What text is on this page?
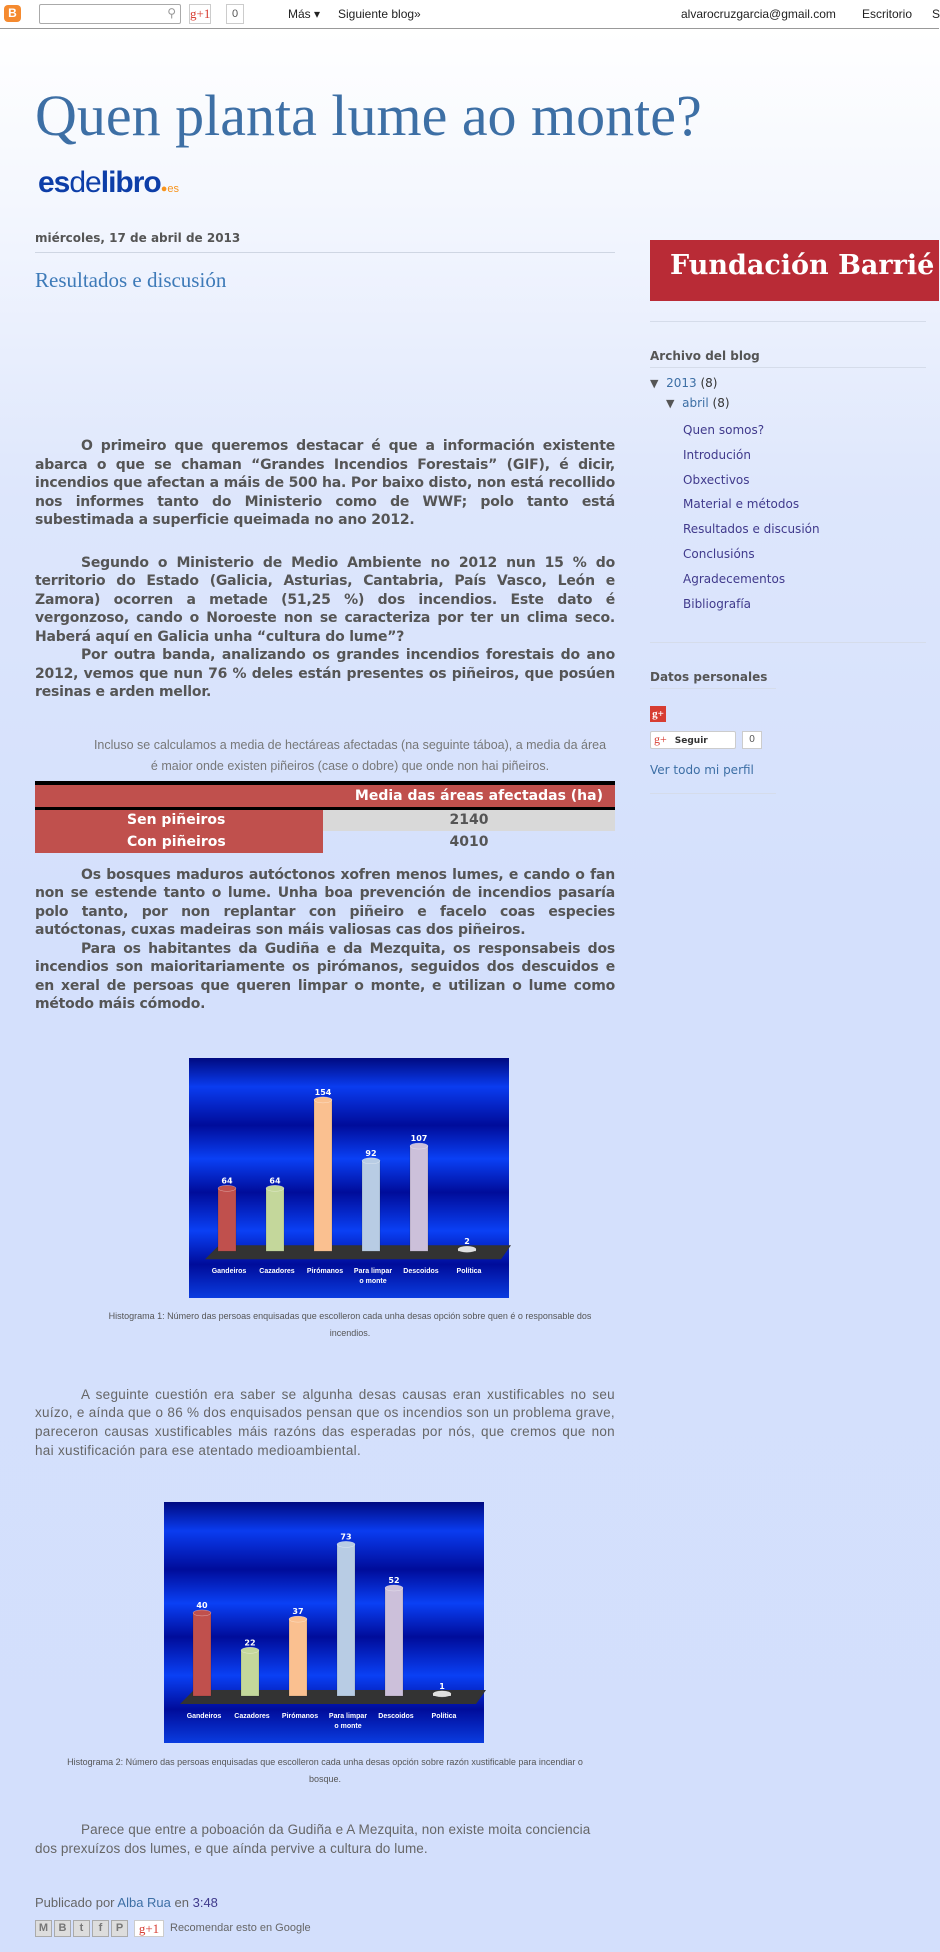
B	⚲ g+1	0	Más ▾ Siguiente blog»	alvarocruzgarcia@gmail.com Escritorio S
Quen planta lume ao monte?
esdelibro●es
miércoles, 17 de abril de 2013
Resultados e discusión

O primeiro que queremos destacar é que a información existente abarca o que se chaman “Grandes Incendios Forestais” (GIF), é dicir, incendios que afectan a máis de 500 ha. Por baixo disto, non está recollido nos informes tanto do Ministerio como de WWF; polo tanto está subestimada a superficie queimada no ano 2012.

Segundo o Ministerio de Medio Ambiente no 2012 nun 15 % do territorio do Estado (Galicia, Asturias, Cantabria, País Vasco, León e Zamora) ocorren a metade (51,25 %) dos incendios. Este dato é vergonzoso, cando o Noroeste non se caracteriza por ter un clima seco. Haberá aquí en Galicia unha “cultura do lume”?

Por outra banda, analizando os grandes incendios forestais do ano 2012, vemos que nun 76 % deles están presentes os piñeiros, que posúen resinas e arden mellor.

Incluso se calculamos a media de hectáreas afectadas (na seguinte táboa), a media da área é maior onde existen piñeiros (case o dobre) que onde non hai piñeiros.

Media das áreas afectadas (ha)	
Sen piñeiros	2140
Con piñeiros	4010

Os bosques maduros autóctonos xofren menos lumes, e cando o fan non se estende tanto o lume. Unha boa prevención de incendios pasaría polo tanto, por non replantar con piñeiro e facelo coas especies autóctonas, cuxas madeiras son máis valiosas cas dos piñeiros.

Para os habitantes da Gudiña e da Mezquita, os responsabeis dos incendios son maioritariamente os pirómanos, seguidos dos descuidos e en xeral de persoas que queren limpar o monte, e utilizan o lume como método máis cómodo.

64
Gandeiros
64
Cazadores
154
Pirómanos
92
Para limpar
o monte
107
Descoidos
2
Política

Histograma 1: Número das persoas enquisadas que escolleron cada unha desas opción sobre quen é o responsable dos incendios.

A seguinte cuestión era saber se algunha desas causas eran xustificables no seu xuízo, e aínda que o 86 % dos enquisados pensan que os incendios son un problema grave, pareceron causas xustificables máis razóns das esperadas por nós, que cremos que non hai xustificación para ese atentado medioambiental.

40
Gandeiros
22
Cazadores
37
Pirómanos
73
Para limpar
o monte
52
Descoidos
1
Política

Histograma 2: Número das persoas enquisadas que escolleron cada unha desas opción sobre razón xustificable para incendiar o bosque.

Parece que entre a poboación da Gudiña e A Mezquita, non existe moita conciencia dos prexuízos dos lumes, e que aínda pervive a cultura do lume.

Publicado por Alba Rua en 3:48
M B	t	f	P	g+1 Recomendar esto en Google
Fundación Barrié
Archivo del blog
▼ 2013 (8)
▼ abril (8)
Quen somos?
Introdución
Obxectivos
Material e métodos
Resultados e discusión
Conclusións
Agradecementos
Bibliografía
Datos personales
g+
g+ Seguir	0
Ver todo mi perfil
